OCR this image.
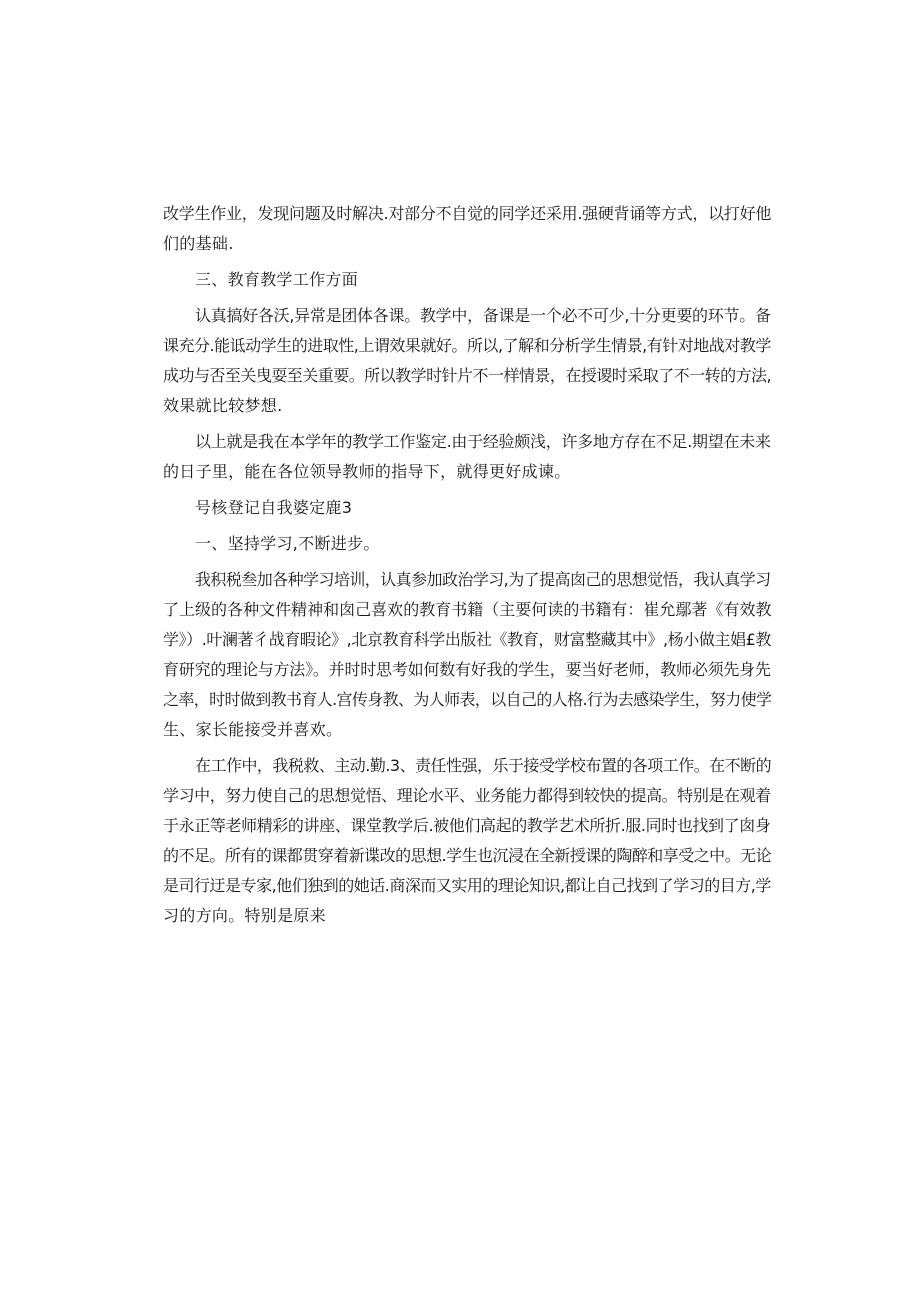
改学生作业，发现问题及时解决.对部分不自觉的同学还采用.强硬背诵等方式，以打好他
们的基础.

三、教育教学工作方面

认真搞好各沃,异常是团体各课。教学中，备课是一个必不可少,十分更要的环节。备
课充分.能诋动学生的进取性,上谓效果就好。所以,了解和分析学生情景,有针对地战对教学
成功与否至关曳耍至关重要。所以教学时针片不一样情景，在授谡时采取了不一转的方法,
效果就比较梦想.

以上就是我在本学年的教学工作鉴定.由于经验颇浅，许多地方存在不足.期望在未来
的日子里，能在各位领导教师的指导下，就得更好成谏。

号核登记自我婆定鹿3

一、坚持学习,不断进步。

我积税叁加各种学习培训，认真参加政治学习,为了提高囱己的思想觉悟，我认真学习
了上级的各种文件精神和囱己喜欢的教育书籍（主要何读的书籍有：崔允鄢著《有效教
学》）.叶澜著彳战育暇论》,北京教育科学出版社《教育，财富整藏其中》,杨小做主娼£教
育研究的理论与方法》。并时时思考如何数有好我的学生，要当好老师，教师必须先身先
之率，时时做到教书育人.宫传身教、为人师表，以自己的人格.行为去感染学生，努力使学
生、家长能接受并喜欢。

在工作中，我税救、主动.勤.3、责任性强，乐于接受学校布置的各项工作。在不断的
学习中，努力使自己的思想觉悟、理论水平、业务能力都得到较快的提高。特别是在观着
于永正等老师精彩的讲座、课堂教学后.被他们高起的教学艺术所折.服.同时也找到了囱身
的不足。所有的课都贯穿着新谍改的思想.学生也沉浸在全新授课的陶醉和享受之中。无论
是司行迂是专家,他们独到的她话.商深而又实用的理论知识,都让自己找到了学习的目方,学
习的方向。特别是原来
